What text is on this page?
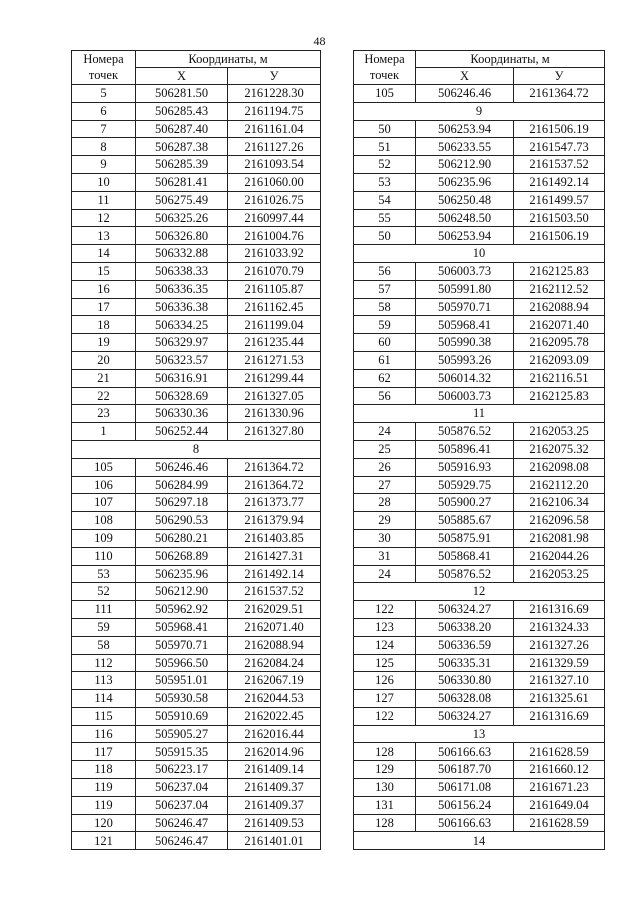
48
Номера точек	Координаты, м	
	X	У
5	506281.50	2161228.30
6	506285.43	2161194.75
7	506287.40	2161161.04
8	506287.38	2161127.26
9	506285.39	2161093.54
10	506281.41	2161060.00
11	506275.49	2161026.75
12	506325.26	2160997.44
13	506326.80	2161004.76
14	506332.88	2161033.92
15	506338.33	2161070.79
16	506336.35	2161105.87
17	506336.38	2161162.45
18	506334.25	2161199.04
19	506329.97	2161235.44
20	506323.57	2161271.53
21	506316.91	2161299.44
22	506328.69	2161327.05
23	506330.36	2161330.96
1	506252.44	2161327.80
8		
105	506246.46	2161364.72
106	506284.99	2161364.72
107	506297.18	2161373.77
108	506290.53	2161379.94
109	506280.21	2161403.85
110	506268.89	2161427.31
53	506235.96	2161492.14
52	506212.90	2161537.52
111	505962.92	2162029.51
59	505968.41	2162071.40
58	505970.71	2162088.94
112	505966.50	2162084.24
113	505951.01	2162067.19
114	505930.58	2162044.53
115	505910.69	2162022.45
116	505905.27	2162016.44
117	505915.35	2162014.96
118	506223.17	2161409.14
119	506237.04	2161409.37
119	506237.04	2161409.37
120	506246.47	2161409.53
121	506246.47	2161401.01
Номера точек	Координаты, м	
	X	У
105	506246.46	2161364.72
9		
50	506253.94	2161506.19
51	506233.55	2161547.73
52	506212.90	2161537.52
53	506235.96	2161492.14
54	506250.48	2161499.57
55	506248.50	2161503.50
50	506253.94	2161506.19
10		
56	506003.73	2162125.83
57	505991.80	2162112.52
58	505970.71	2162088.94
59	505968.41	2162071.40
60	505990.38	2162095.78
61	505993.26	2162093.09
62	506014.32	2162116.51
56	506003.73	2162125.83
11		
24	505876.52	2162053.25
25	505896.41	2162075.32
26	505916.93	2162098.08
27	505929.75	2162112.20
28	505900.27	2162106.34
29	505885.67	2162096.58
30	505875.91	2162081.98
31	505868.41	2162044.26
24	505876.52	2162053.25
12		
122	506324.27	2161316.69
123	506338.20	2161324.33
124	506336.59	2161327.26
125	506335.31	2161329.59
126	506330.80	2161327.10
127	506328.08	2161325.61
122	506324.27	2161316.69
13		
128	506166.63	2161628.59
129	506187.70	2161660.12
130	506171.08	2161671.23
131	506156.24	2161649.04
128	506166.63	2161628.59
14		
